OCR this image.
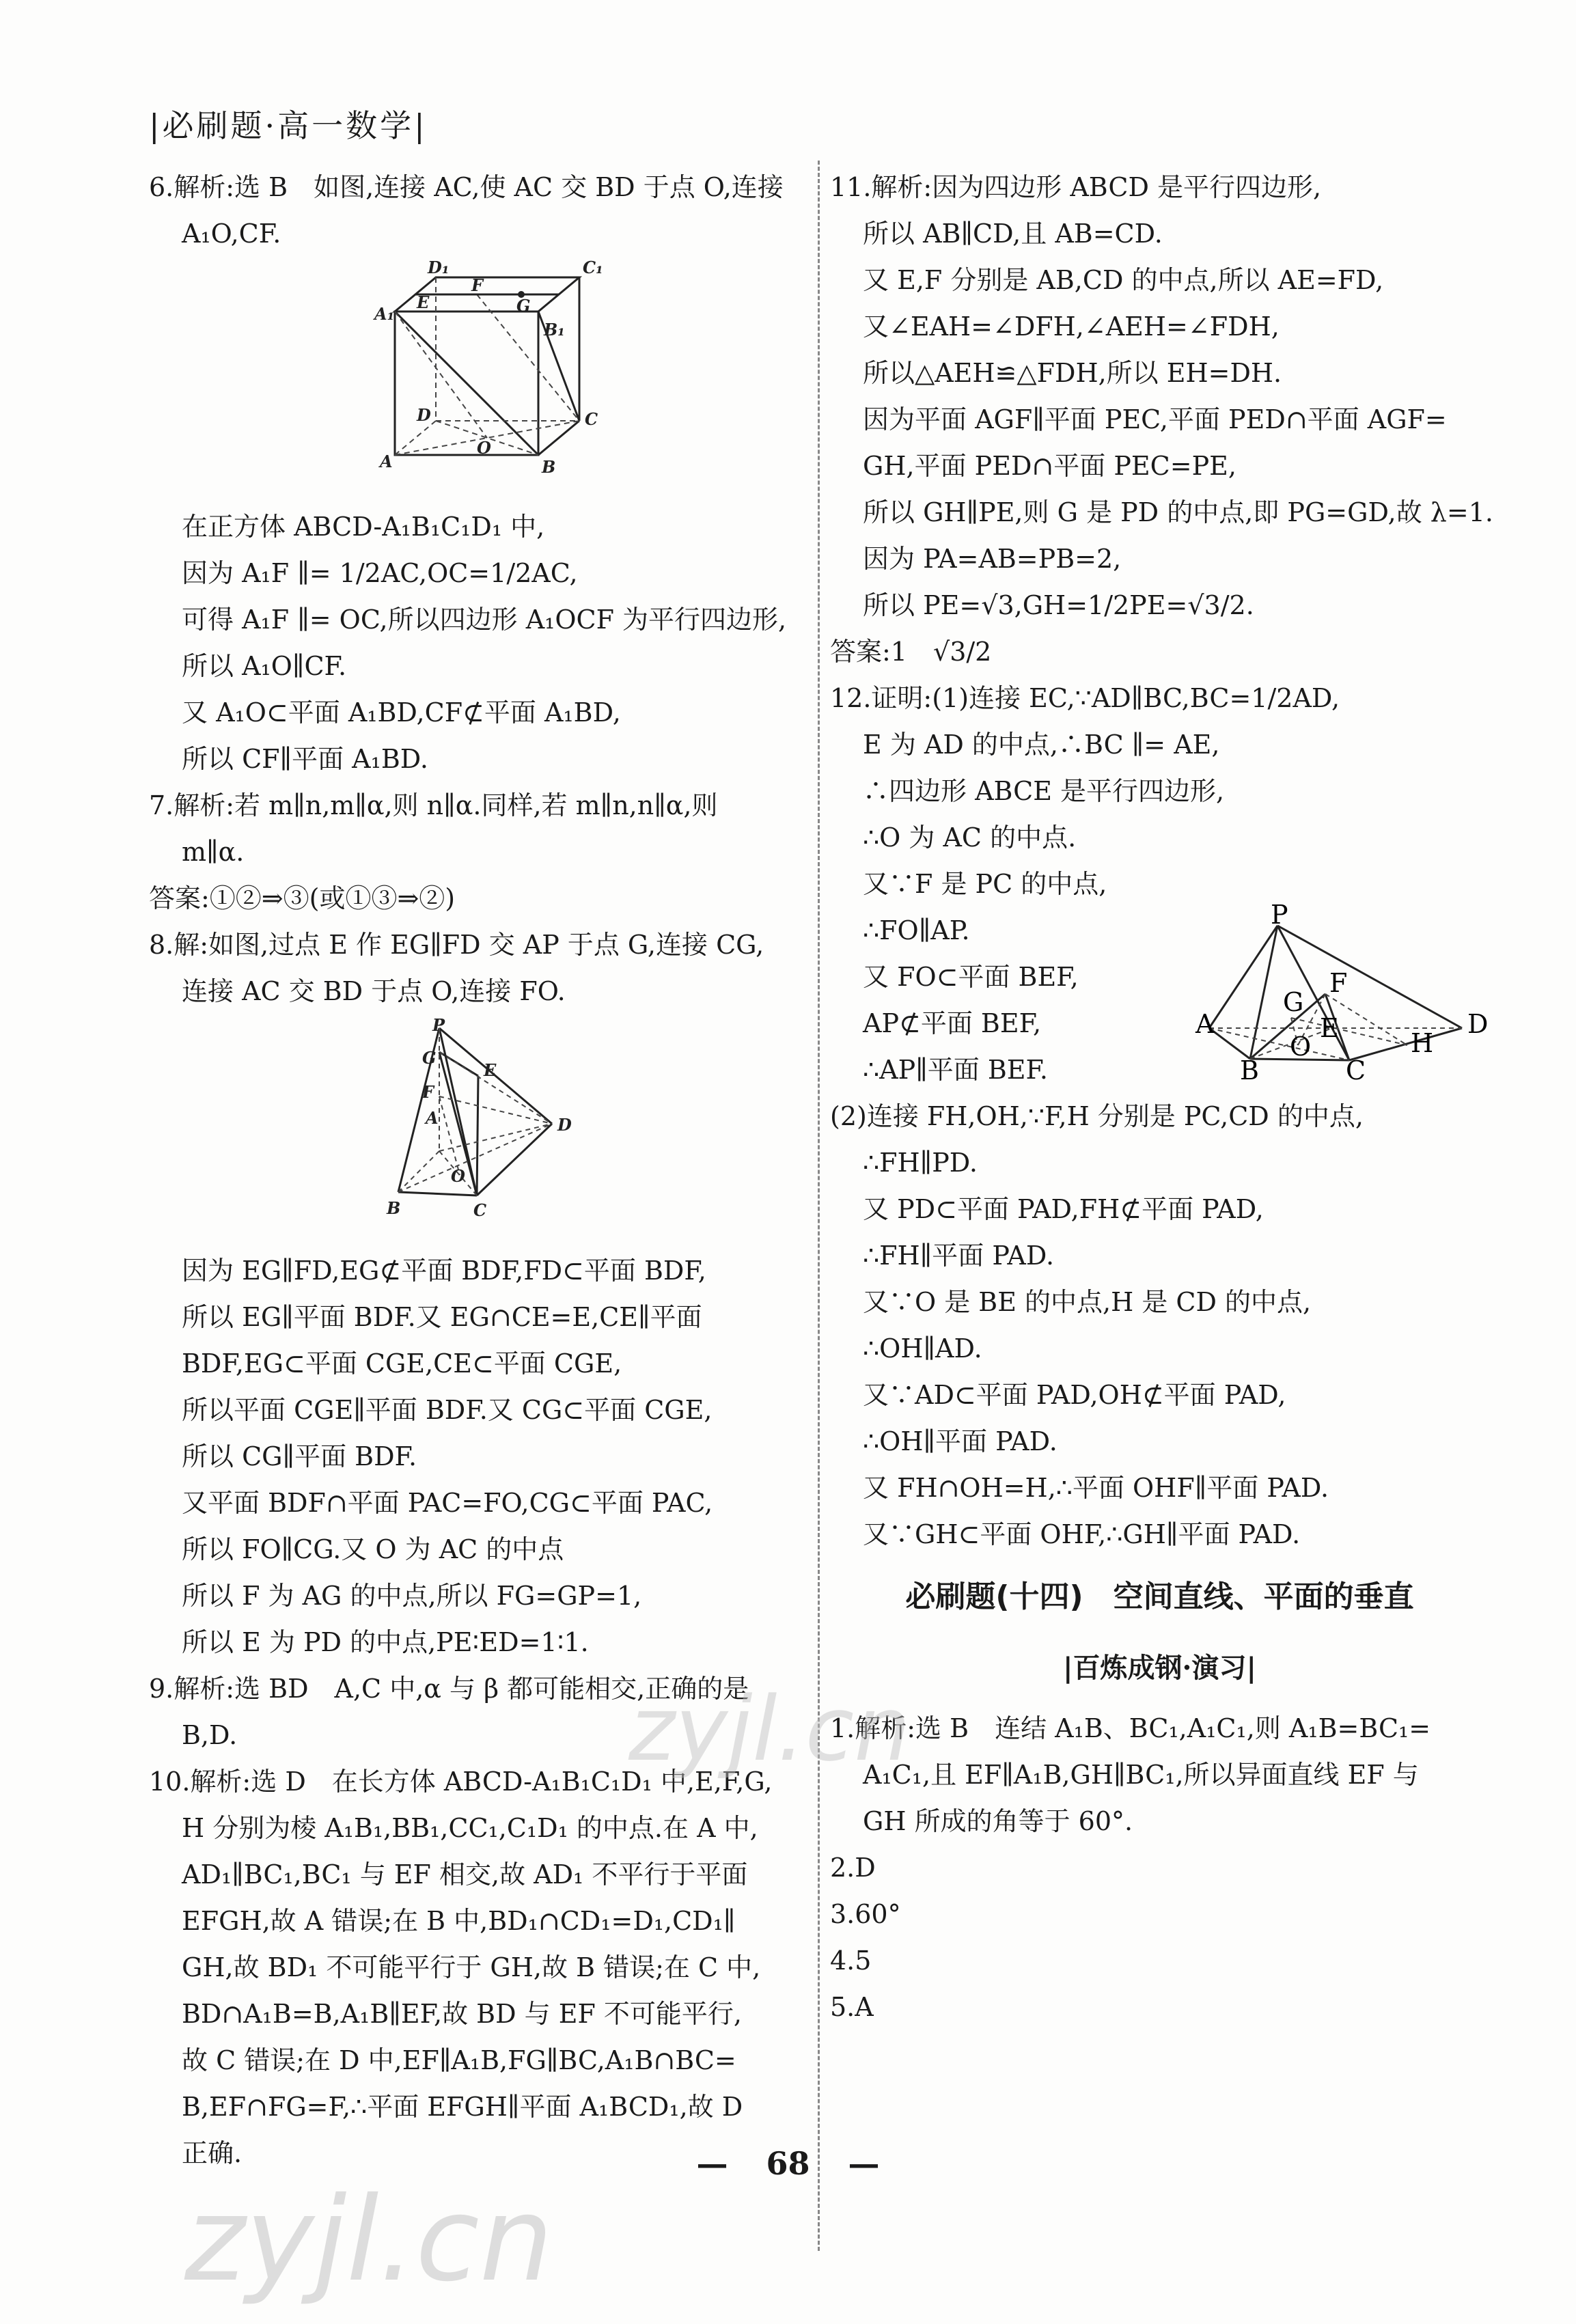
|必刷题·高一数学|
6.解析:选 B　如图,连接 AC,使 AC 交 BD 于点 O,连接
A₁O,CF.
D₁	C₁
A₁
E
F
G
B₁
D	C
O
A	B
在正方体 ABCD-A₁B₁C₁D₁ 中,
因为 A₁F ∥= 1/2AC,OC=1/2AC,
可得 A₁F ∥= OC,所以四边形 A₁OCF 为平行四边形,
所以 A₁O∥CF.
又 A₁O⊂平面 A₁BD,CF⊄平面 A₁BD,
所以 CF∥平面 A₁BD.
7.解析:若 m∥n,m∥α,则 n∥α.同样,若 m∥n,n∥α,则
m∥α.
答案:①②⇒③(或①③⇒②)
8.解:如图,过点 E 作 EG∥FD 交 AP 于点 G,连接 CG,
连接 AC 交 BD 于点 O,连接 FO.
P
G
F
E
A	D
O
B	C
因为 EG∥FD,EG⊄平面 BDF,FD⊂平面 BDF,
所以 EG∥平面 BDF.又 EG∩CE=E,CE∥平面
BDF,EG⊂平面 CGE,CE⊂平面 CGE,
所以平面 CGE∥平面 BDF.又 CG⊂平面 CGE,
所以 CG∥平面 BDF.
又平面 BDF∩平面 PAC=FO,CG⊂平面 PAC,
所以 FO∥CG.又 O 为 AC 的中点
所以 F 为 AG 的中点,所以 FG=GP=1,
所以 E 为 PD 的中点,PE∶ED=1∶1.
9.解析:选 BD　A,C 中,α 与 β 都可能相交,正确的是
B,D.
10.解析:选 D　在长方体 ABCD-A₁B₁C₁D₁ 中,E,F,G,
H 分别为棱 A₁B₁,BB₁,CC₁,C₁D₁ 的中点.在 A 中,
AD₁∥BC₁,BC₁ 与 EF 相交,故 AD₁ 不平行于平面
EFGH,故 A 错误;在 B 中,BD₁∩CD₁=D₁,CD₁∥
GH,故 BD₁ 不可能平行于 GH,故 B 错误;在 C 中,
BD∩A₁B=B,A₁B∥EF,故 BD 与 EF 不可能平行,
故 C 错误;在 D 中,EF∥A₁B,FG∥BC,A₁B∩BC=
B,EF∩FG=F,∴平面 EFGH∥平面 A₁BCD₁,故 D
正确.
11.解析:因为四边形 ABCD 是平行四边形,
所以 AB∥CD,且 AB=CD.
又 E,F 分别是 AB,CD 的中点,所以 AE=FD,
又∠EAH=∠DFH,∠AEH=∠FDH,
所以△AEH≌△FDH,所以 EH=DH.
因为平面 AGF∥平面 PEC,平面 PED∩平面 AGF=
GH,平面 PED∩平面 PEC=PE,
所以 GH∥PE,则 G 是 PD 的中点,即 PG=GD,故 λ=1.
因为 PA=AB=PB=2,
所以 PE=√3,GH=1/2PE=√3/2.
答案:1　√3/2
12.证明:(1)连接 EC,∵AD∥BC,BC=1/2AD,
E 为 AD 的中点,∴BC ∥= AE,
∴四边形 ABCE 是平行四边形,
∴O 为 AC 的中点.
又∵F 是 PC 的中点,
∴FO∥AP.
又 FO⊂平面 BEF,
AP⊄平面 BEF,
∴AP∥平面 BEF.
(2)连接 FH,OH,∵F,H 分别是 PC,CD 的中点,
∴FH∥PD.
又 PD⊂平面 PAD,FH⊄平面 PAD,
∴FH∥平面 PAD.
又∵O 是 BE 的中点,H 是 CD 的中点,
∴OH∥AD.
又∵AD⊂平面 PAD,OH⊄平面 PAD,
∴OH∥平面 PAD.
又 FH∩OH=H,∴平面 OHF∥平面 PAD.
又∵GH⊂平面 OHF,∴GH∥平面 PAD.
必刷题(十四)　空间直线、平面的垂直
|百炼成钢·演习|
1.解析:选 B　连结 A₁B、BC₁,A₁C₁,则 A₁B=BC₁=
A₁C₁,且 EF∥A₁B,GH∥BC₁,所以异面直线 EF 与
GH 所成的角等于 60°.
2.D
3.60°
4.5
5.A
P
F
G
E
A
O
D
H
B	C
— 68 —
zyjl.cn
zyjl.cn
